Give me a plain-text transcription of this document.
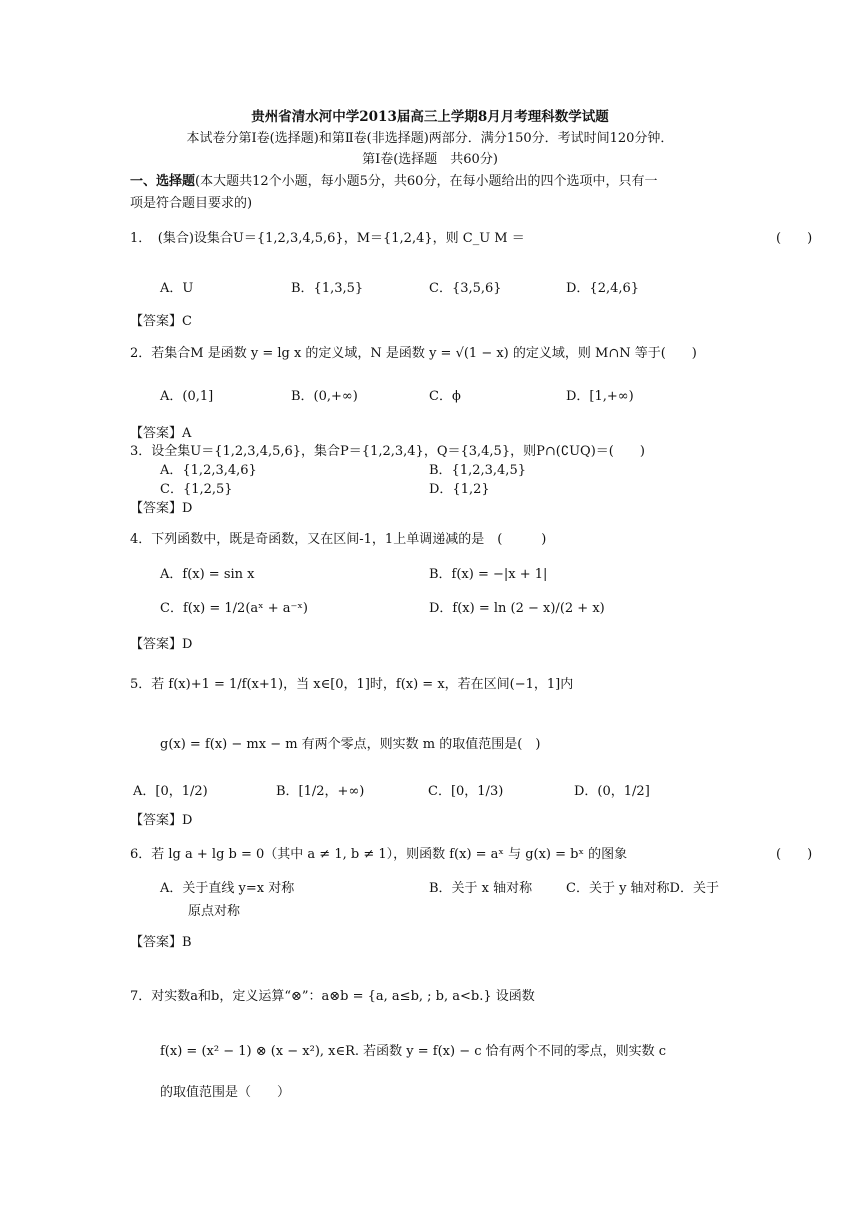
贵州省清水河中学2013届高三上学期8月月考理科数学试题
本试卷分第Ⅰ卷(选择题)和第Ⅱ卷(非选择题)两部分．满分150分．考试时间120分钟．
第Ⅰ卷(选择题　共60分)
一、选择题(本大题共12个小题，每小题5分，共60分，在每小题给出的四个选项中，只有一
项是符合题目要求的)
1．　(集合)设集合U＝{1,2,3,4,5,6}，M＝{1,2,4}，则 C_U M ＝	(　　)
A．U	B．{1,3,5}	C．{3,5,6}	D．{2,4,6}
【答案】C
2．若集合M 是函数 y = lg x 的定义域，N 是函数 y = √(1 − x) 的定义域，则 M∩N 等于(　　)
A．(0,1]	B．(0,+∞)	C．ϕ	D．[1,+∞)
【答案】A
3．设全集U＝{1,2,3,4,5,6}，集合P＝{1,2,3,4}，Q＝{3,4,5}，则P∩(∁UQ)＝(　　)
A．{1,2,3,4,6}	B．{1,2,3,4,5}
C．{1,2,5}	D．{1,2}
【答案】D
4．下列函数中，既是奇函数，又在区间-1，1上单调递减的是　(　　　)
A．f(x) = sin x	B．f(x) = −|x + 1|
C．f(x) = 1/2(aˣ + a⁻ˣ)	D．f(x) = ln (2 − x)/(2 + x)
【答案】D
5．若 f(x)+1 = 1/f(x+1)，当 x∈[0，1]时，f(x) = x，若在区间(−1，1]内
g(x) = f(x) − mx − m 有两个零点，则实数 m 的取值范围是(　)
A．[0，1/2)	B．[1/2，+∞)	C．[0，1/3)	D．(0，1/2]
【答案】D
6．若 lg a + lg b = 0（其中 a ≠ 1, b ≠ 1），则函数 f(x) = aˣ 与 g(x) = bˣ 的图象	(　　)
A．关于直线 y=x 对称	B．关于 x 轴对称	C．关于 y 轴对称D．关于
原点对称
【答案】B
7．对实数a和b，定义运算“⊗”：a⊗b = {a, a≤b, ; b, a<b.} 设函数
f(x) = (x² − 1) ⊗ (x − x²), x∈R. 若函数 y = f(x) − c 恰有两个不同的零点，则实数 c
的取值范围是（　　）
